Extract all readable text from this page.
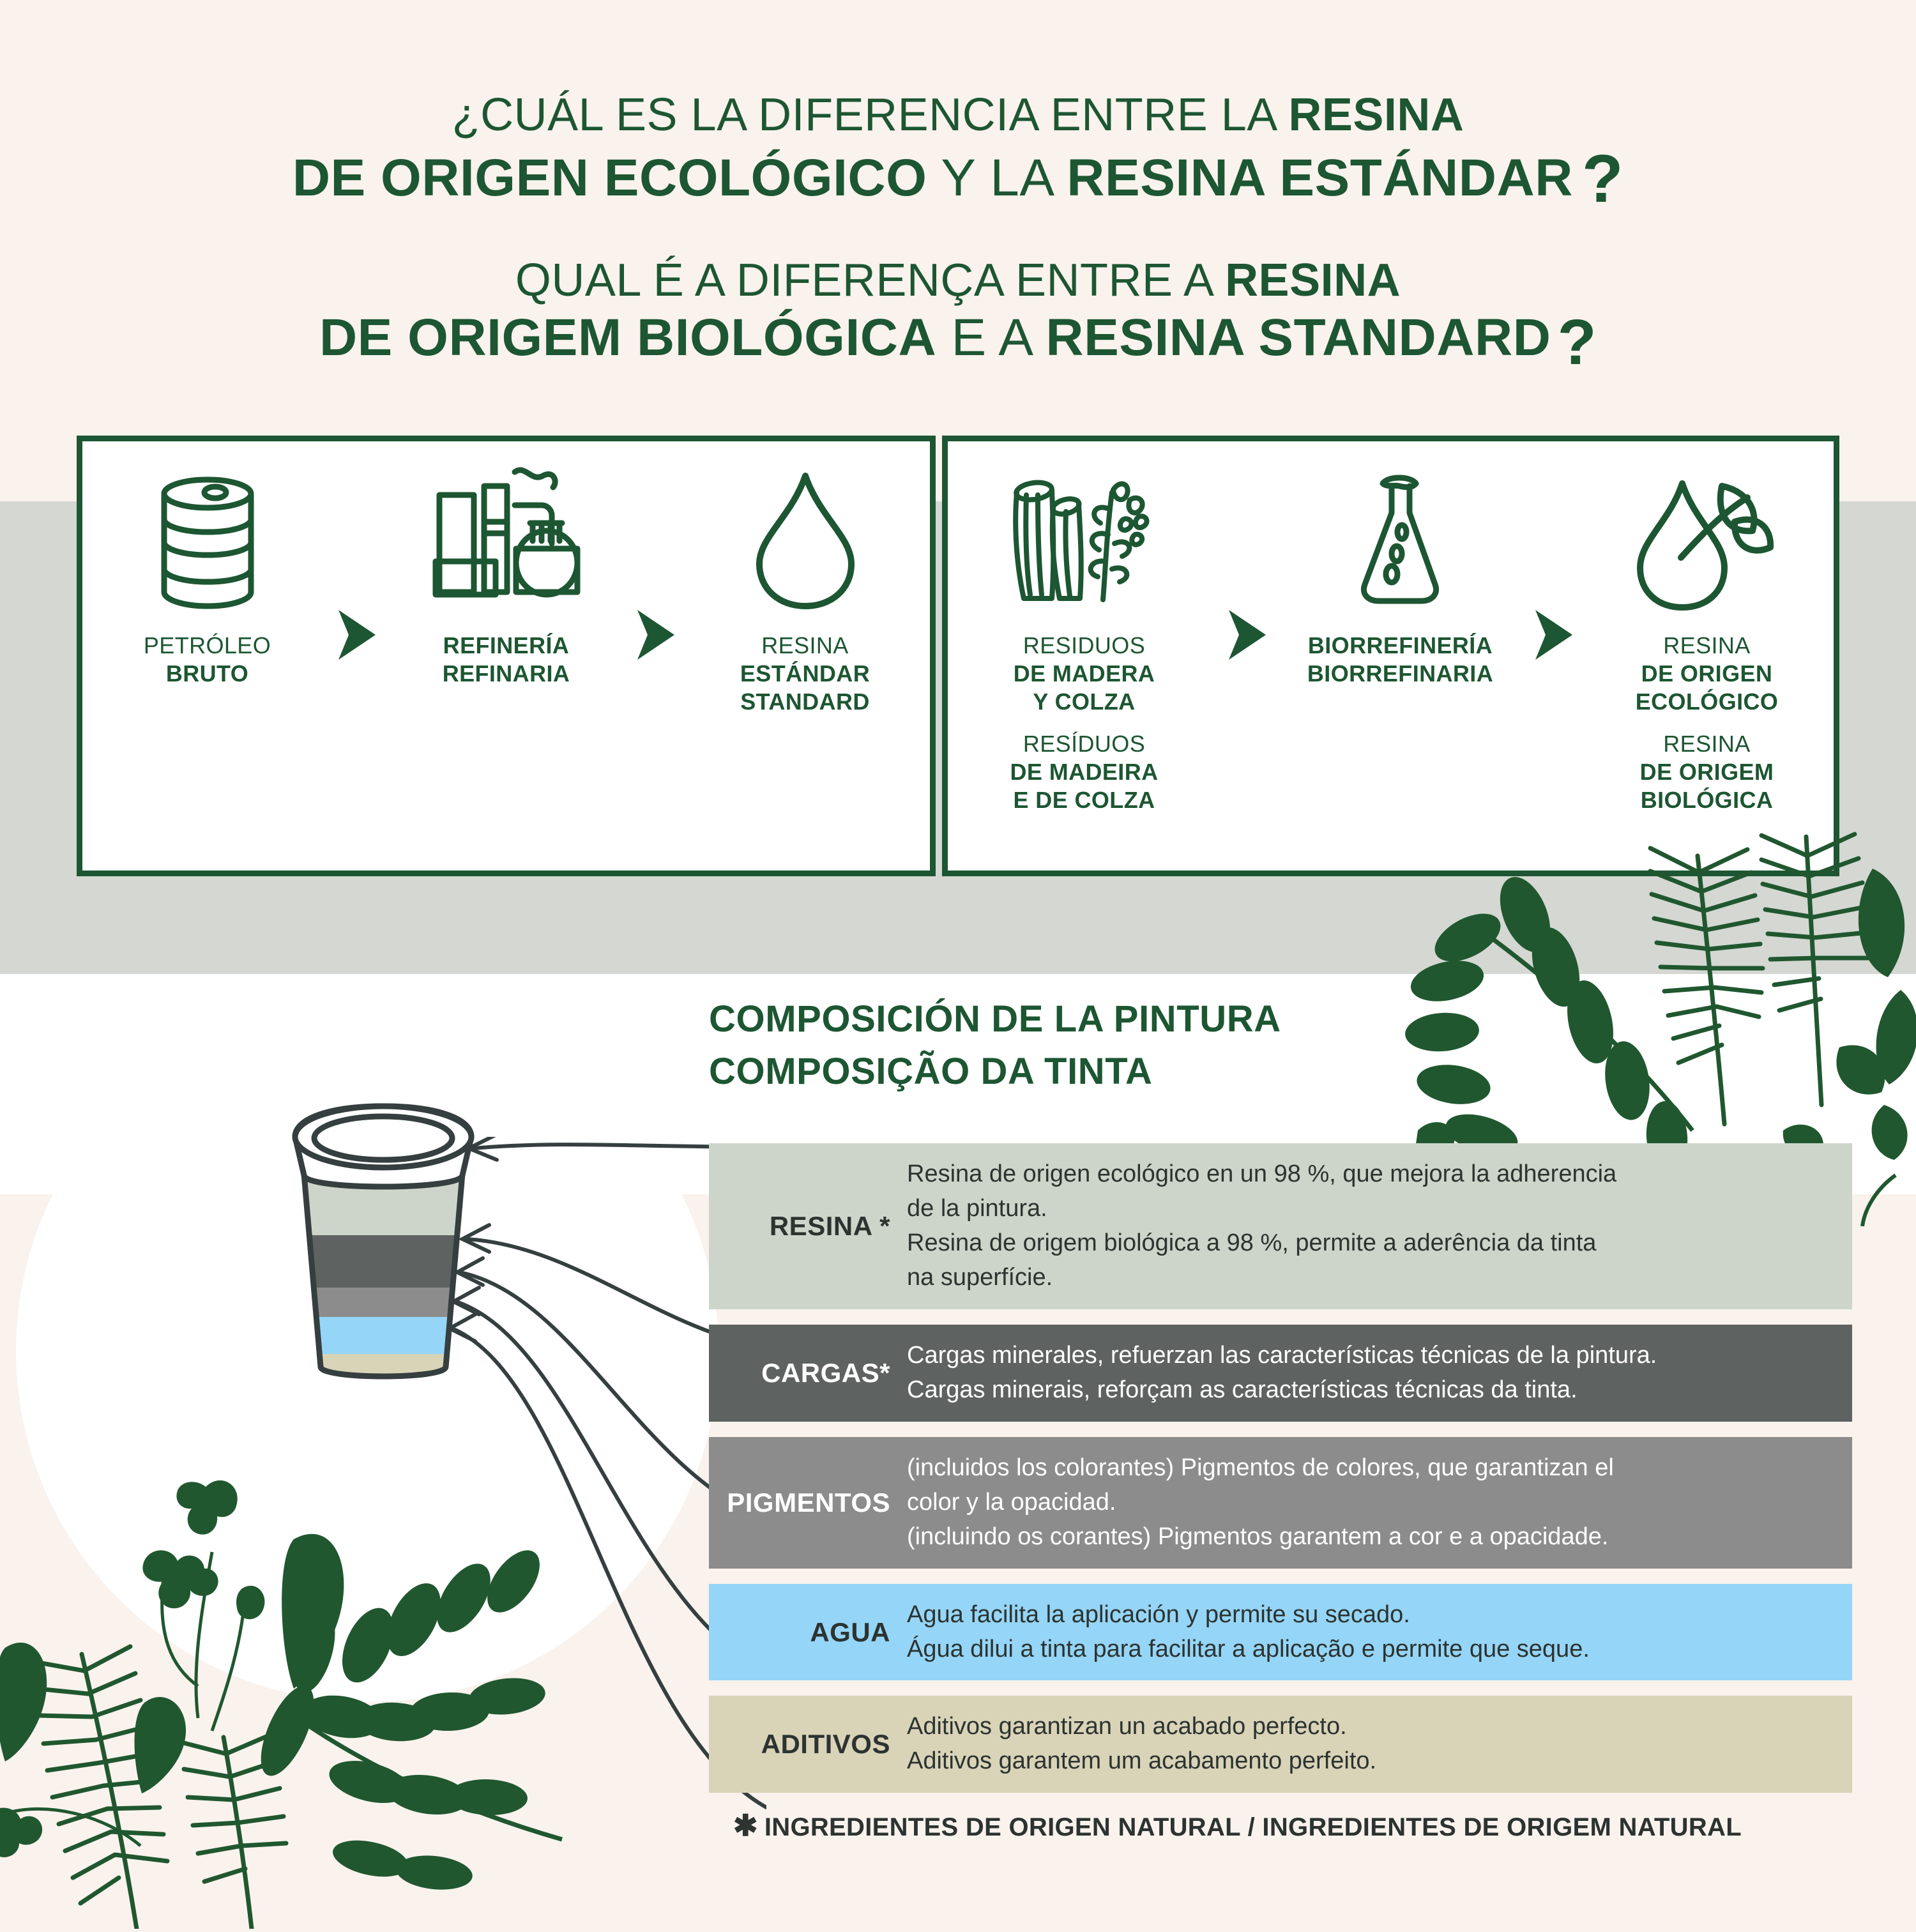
¿CUÁL ES LA DIFERENCIA ENTRE LA RESINA
DE ORIGEN ECOLÓGICO Y LA RESINA ESTÁNDAR ?
QUAL É A DIFERENÇA ENTRE A RESINA
DE ORIGEM BIOLÓGICA E A RESINA STANDARD ?
PETRÓLEO
BRUTO
REFINERÍA
REFINARIA
RESINA
ESTÁNDAR
STANDARD
RESIDUOS
DE MADERA
Y COLZA
RESÍDUOS
DE MADEIRA
E DE COLZA
BIORREFINERÍA
BIORREFINARIA
RESINA
DE ORIGEN
ECOLÓGICO
RESINA
DE ORIGEM
BIOLÓGICA
COMPOSICIÓN DE LA PINTURA
COMPOSIÇÃO DA TINTA
RESINA *
Resina de origen ecológico en un 98 %, que mejora la adherencia
de la pintura.
Resina de origem biológica a 98 %, permite a aderência da tinta
na superfície.
CARGAS*
Cargas minerales, refuerzan las características técnicas de la pintura.
Cargas minerais, reforçam as características técnicas da tinta.
PIGMENTOS
(incluidos los colorantes) Pigmentos de colores, que garantizan el
color y la opacidad.
(incluindo os corantes) Pigmentos garantem a cor e a opacidade.
AGUA
Agua facilita la aplicación y permite su secado.
Água dilui a tinta para facilitar a aplicação e permite que seque.
ADITIVOS
Aditivos garantizan un acabado perfecto.
Aditivos garantem um acabamento perfeito.
✱ INGREDIENTES DE ORIGEN NATURAL / INGREDIENTES DE ORIGEM NATURAL
